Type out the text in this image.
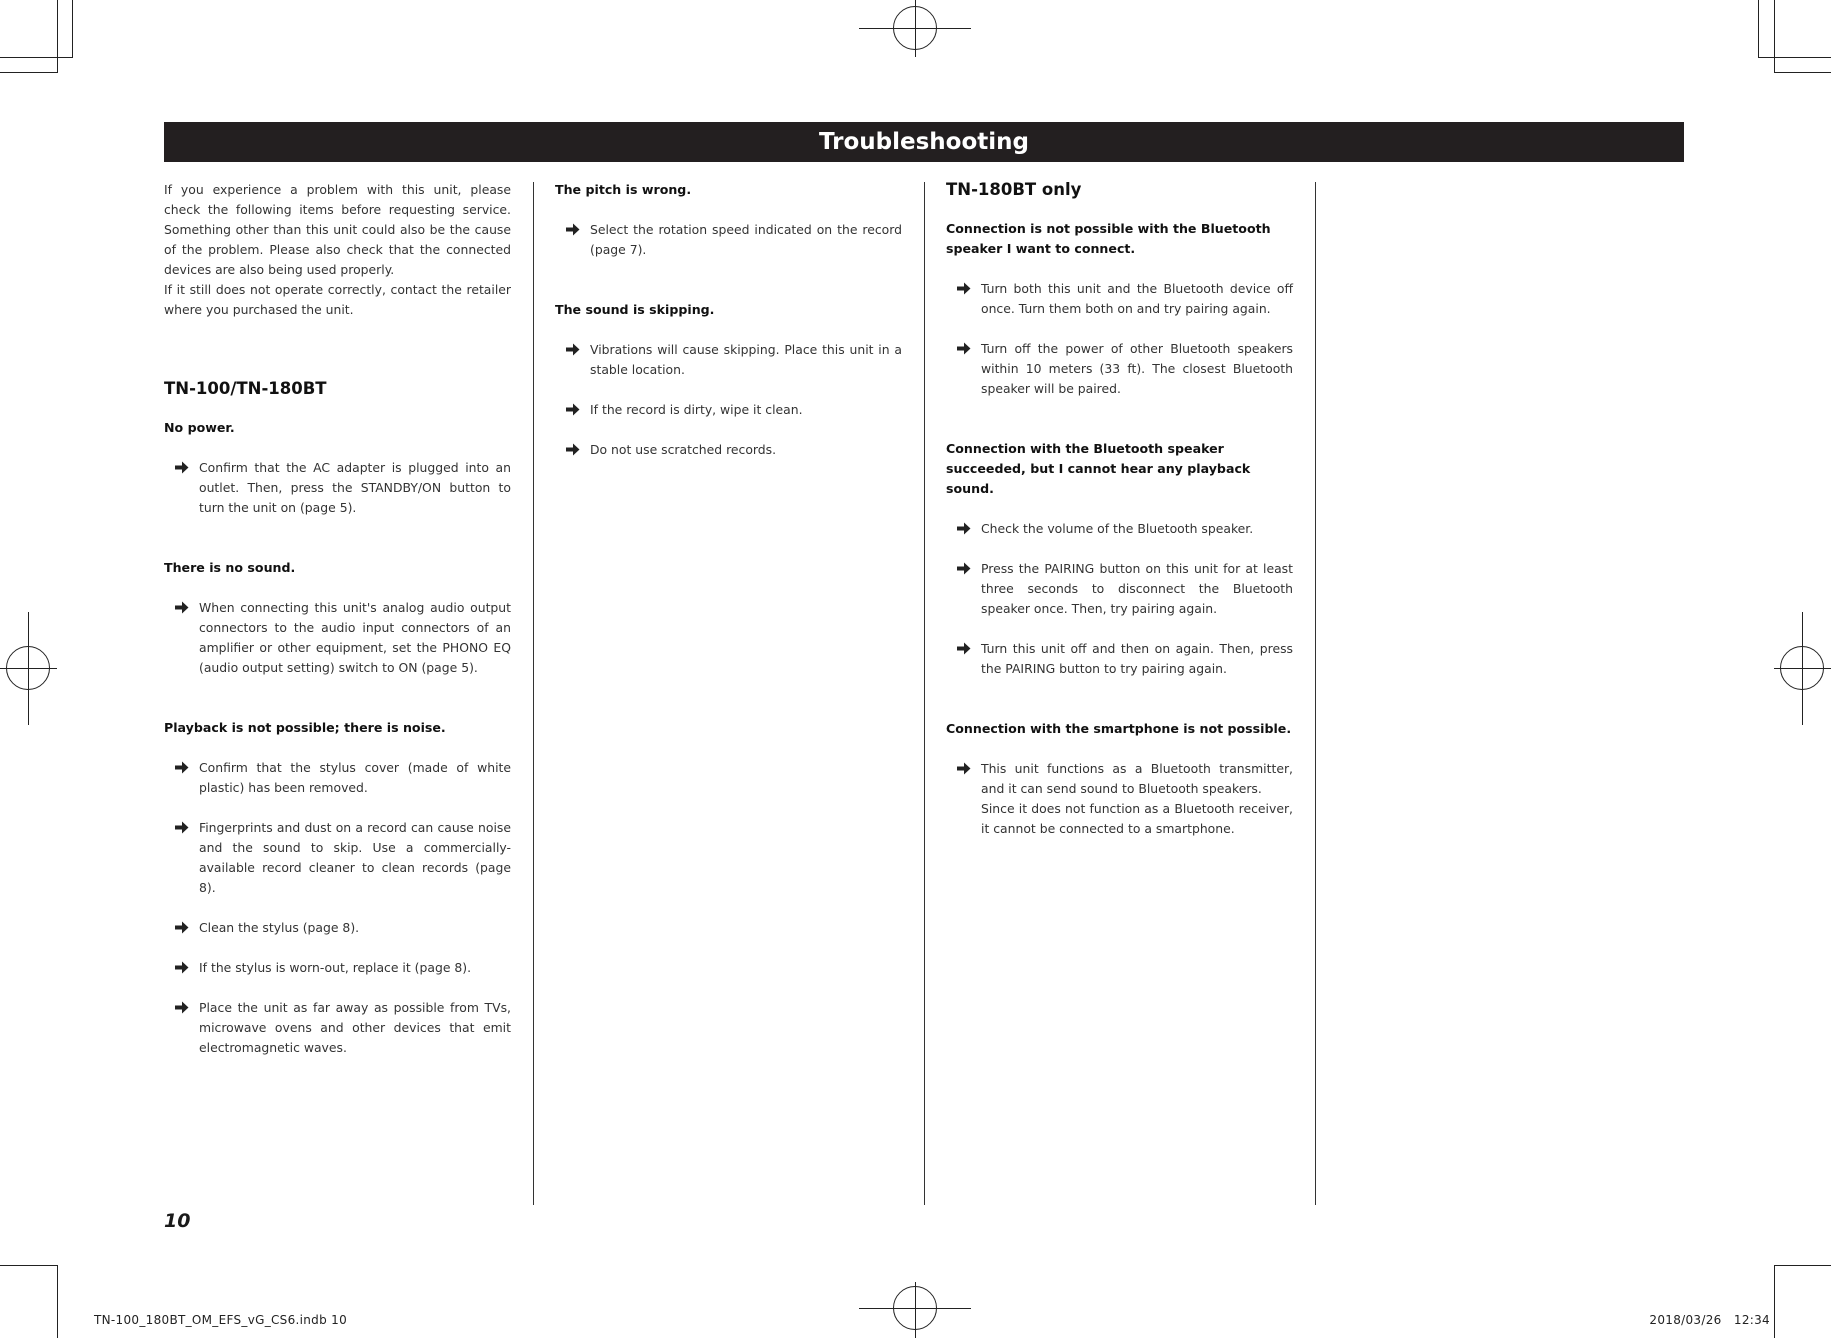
Troubleshooting

If you experience a problem with this unit, please check the following items before requesting service. Something other than this unit could also be the cause of the problem. Please also check that the connected devices are also being used properly.

If it still does not operate correctly, contact the retailer where you purchased the unit.

TN-100/TN-180BT
No power.

Confirm that the AC adapter is plugged into an outlet. Then, press the STANDBY/ON button to turn the unit on (page 5).

There is no sound.

When connecting this unit's analog audio output connectors to the audio input connectors of an amplifier or other equipment, set the PHONO EQ (audio output setting) switch to ON (page 5).

Playback is not possible; there is noise.

Confirm that the stylus cover (made of white plastic) has been removed.

Fingerprints and dust on a record can cause noise and the sound to skip. Use a commercially-available record cleaner to clean records (page 8).

Clean the stylus (page 8).

If the stylus is worn-out, replace it (page 8).

Place the unit as far away as possible from TVs, microwave ovens and other devices that emit electromagnetic waves.

The pitch is wrong.

Select the rotation speed indicated on the record (page 7).

The sound is skipping.

Vibrations will cause skipping. Place this unit in a stable location.

If the record is dirty, wipe it clean.

Do not use scratched records.

TN-180BT only
Connection is not possible with the Bluetooth speaker I want to connect.

Turn both this unit and the Bluetooth device off once. Turn them both on and try pairing again.

Turn off the power of other Bluetooth speakers within 10 meters (33 ft). The closest Bluetooth speaker will be paired.

Connection with the Bluetooth speaker succeeded, but I cannot hear any playback sound.

Check the volume of the Bluetooth speaker.

Press the PAIRING button on this unit for at least three seconds to disconnect the Bluetooth speaker once. Then, try pairing again.

Turn this unit off and then on again. Then, press the PAIRING button to try pairing again.

Connection with the smartphone is not possible.

This unit functions as a Bluetooth transmitter, and it can send sound to Bluetooth speakers.

Since it does not function as a Bluetooth receiver, it cannot be connected to a smartphone.

10

TN-100_180BT_OM_EFS_vG_CS6.indb 10	2018/03/26   12:34
